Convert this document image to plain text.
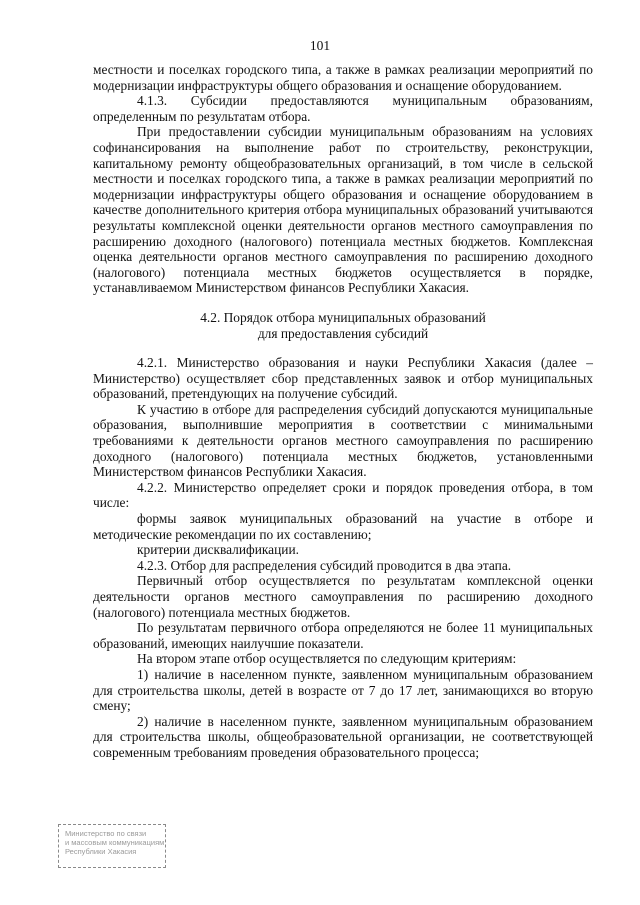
101

местности и поселках городского типа, а также в рамках реализации мероприятий по модернизации инфраструктуры общего образования и оснащение оборудованием.

4.1.3. Субсидии предоставляются муниципальным образованиям, определенным по результатам отбора.

При предоставлении субсидии муниципальным образованиям на условиях софинансирования на выполнение работ по строительству, реконструкции, капитальному ремонту общеобразовательных организаций, в том числе в сельской местности и поселках городского типа, а также в рамках реализации мероприятий по модернизации инфраструктуры общего образования и оснащение оборудованием в качестве дополнительного критерия отбора муниципальных образований учитываются результаты комплексной оценки деятельности органов местного самоуправления по расширению доходного (налогового) потенциала местных бюджетов. Комплексная оценка деятельности органов местного самоуправления по расширению доходного (налогового) потенциала местных бюджетов осуществляется в порядке, устанавливаемом Министерством финансов Республики Хакасия.

4.2. Порядок отбора муниципальных образований
для предоставления субсидий

4.2.1. Министерство образования и науки Республики Хакасия (далее – Министерство) осуществляет сбор представленных заявок и отбор муниципальных образований, претендующих на получение субсидий.

К участию в отборе для распределения субсидий допускаются муниципальные образования, выполнившие мероприятия в соответствии с минимальными требованиями к деятельности органов местного самоуправления по расширению доходного (налогового) потенциала местных бюджетов, установленными Министерством финансов Республики Хакасия.

4.2.2. Министерство определяет сроки и порядок проведения отбора, в том числе:

формы заявок муниципальных образований на участие в отборе и методические рекомендации по их составлению;

критерии дисквалификации.

4.2.3. Отбор для распределения субсидий проводится в два этапа.

Первичный отбор осуществляется по результатам комплексной оценки деятельности органов местного самоуправления по расширению доходного (налогового) потенциала местных бюджетов.

По результатам первичного отбора определяются не более 11 муниципальных образований, имеющих наилучшие показатели.

На втором этапе отбор осуществляется по следующим критериям:

1) наличие в населенном пункте, заявленном муниципальным образованием для строительства школы, детей в возрасте от 7 до 17 лет, занимающихся во вторую смену;

2) наличие в населенном пункте, заявленном муниципальным образованием для строительства школы, общеобразовательной организации, не соответствующей современным требованиям проведения образовательного процесса;

Министерство по связи
и массовым коммуникациям
Республики Хакасия
